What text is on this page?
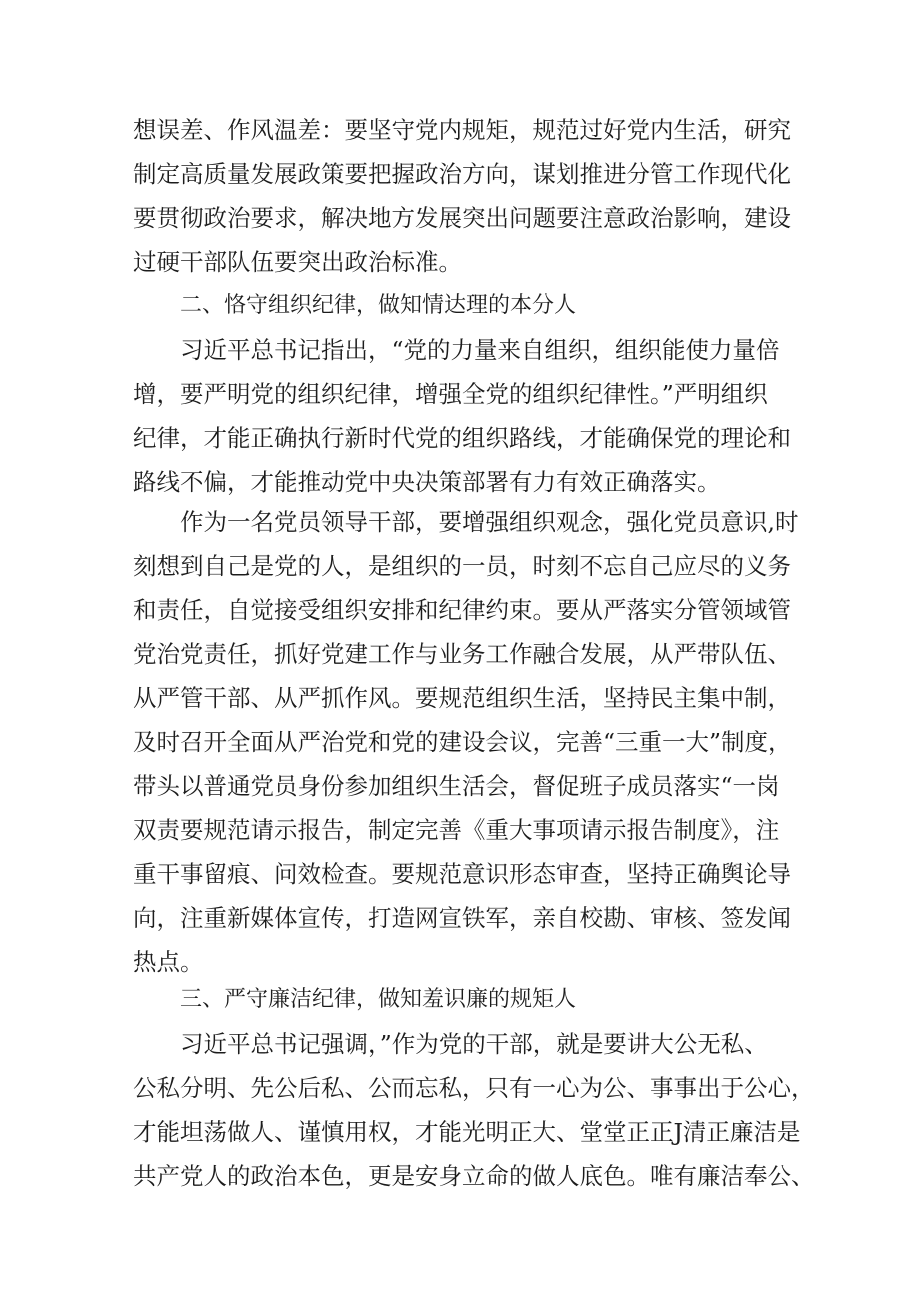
想误差、作风温差：要坚守党内规矩，规范过好党内生活，研究
制定高质量发展政策要把握政治方向，谋划推进分管工作现代化
要贯彻政治要求，解决地方发展突出问题要注意政治影响，建设
过硬干部队伍要突出政治标准。
二、恪守组织纪律，做知情达理的本分人
习近平总书记指出，“党的力量来自组织，组织能使力量倍
增，要严明党的组织纪律，增强全党的组织纪律性。”严明组织
纪律，才能正确执行新时代党的组织路线，才能确保党的理论和
路线不偏，才能推动党中央决策部署有力有效正确落实。
作为一名党员领导干部，要增强组织观念，强化党员意识,时
刻想到自己是党的人，是组织的一员，时刻不忘自己应尽的义务
和责任，自觉接受组织安排和纪律约束。要从严落实分管领域管
党治党责任，抓好党建工作与业务工作融合发展，从严带队伍、
从严管干部、从严抓作风。要规范组织生活，坚持民主集中制，
及时召开全面从严治党和党的建设会议，完善“三重一大”制度，
带头以普通党员身份参加组织生活会，督促班子成员落实“一岗
双责要规范请示报告，制定完善《重大事项请示报告制度》，注
重干事留痕、问效检查。要规范意识形态审查，坚持正确舆论导
向，注重新媒体宣传，打造网宣铁军，亲自校勘、审核、签发闻
热点。
三、严守廉洁纪律，做知羞识廉的规矩人
习近平总书记强调，”作为党的干部，就是要讲大公无私、
公私分明、先公后私、公而忘私，只有一心为公、事事出于公心，
才能坦荡做人、谨慎用权，才能光明正大、堂堂正正J清正廉洁是
共产党人的政治本色，更是安身立命的做人底色。唯有廉洁奉公、
